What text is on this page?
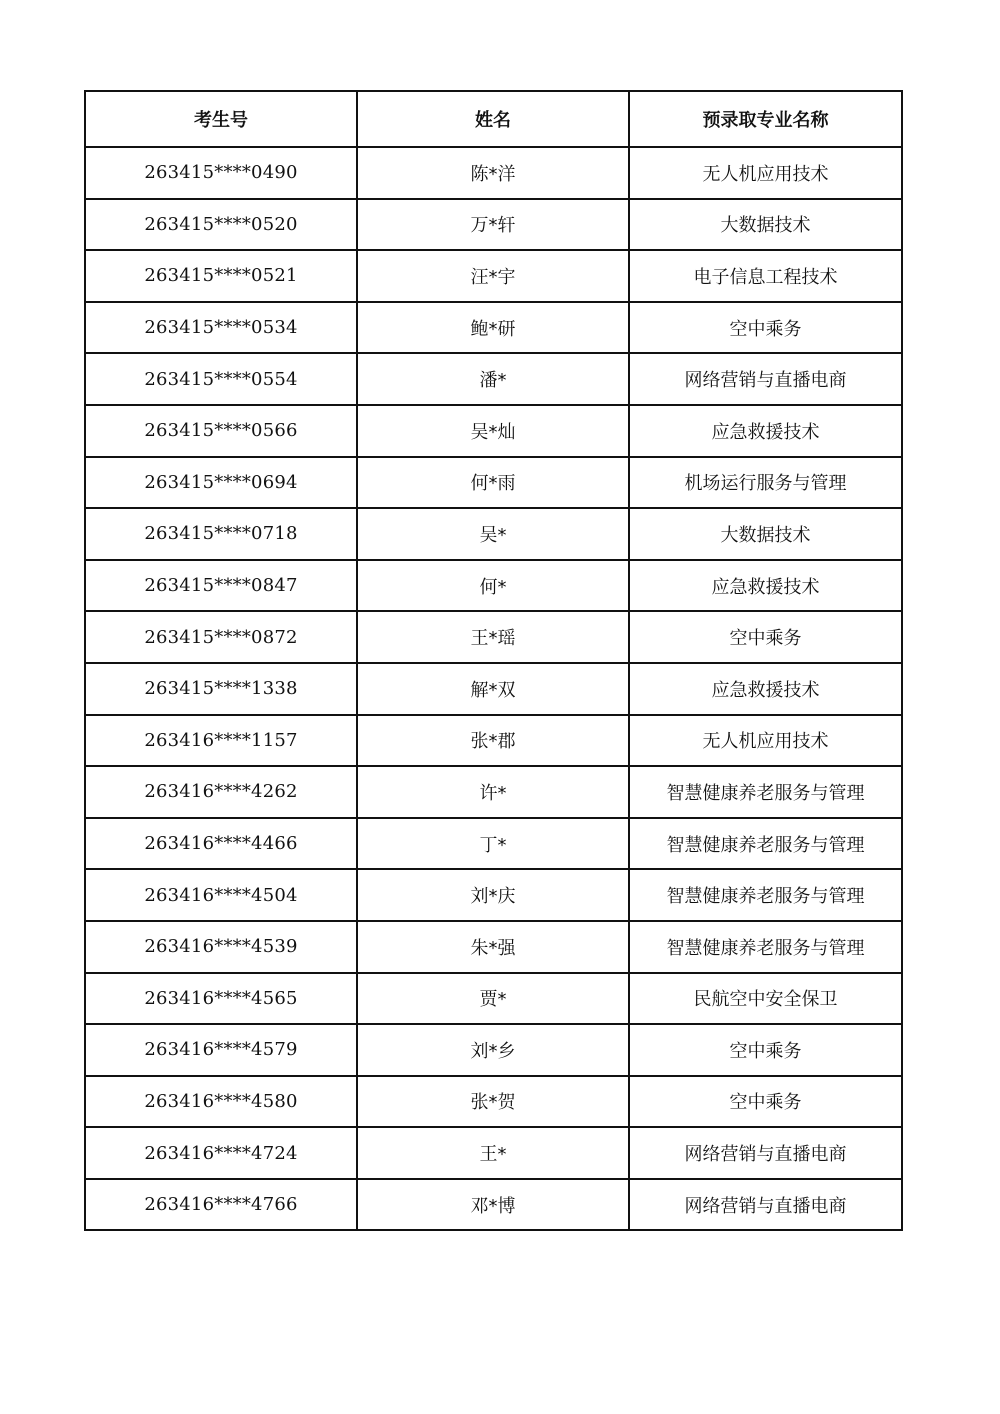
考生号	姓名	预录取专业名称
263415****0490	陈*洋	无人机应用技术
263415****0520	万*轩	大数据技术
263415****0521	汪*宇	电子信息工程技术
263415****0534	鲍*研	空中乘务
263415****0554	潘*	网络营销与直播电商
263415****0566	吴*灿	应急救援技术
263415****0694	何*雨	机场运行服务与管理
263415****0718	吴*	大数据技术
263415****0847	何*	应急救援技术
263415****0872	王*瑶	空中乘务
263415****1338	解*双	应急救援技术
263416****1157	张*郡	无人机应用技术
263416****4262	许*	智慧健康养老服务与管理
263416****4466	丁*	智慧健康养老服务与管理
263416****4504	刘*庆	智慧健康养老服务与管理
263416****4539	朱*强	智慧健康养老服务与管理
263416****4565	贾*	民航空中安全保卫
263416****4579	刘*乡	空中乘务
263416****4580	张*贺	空中乘务
263416****4724	王*	网络营销与直播电商
263416****4766	邓*博	网络营销与直播电商
